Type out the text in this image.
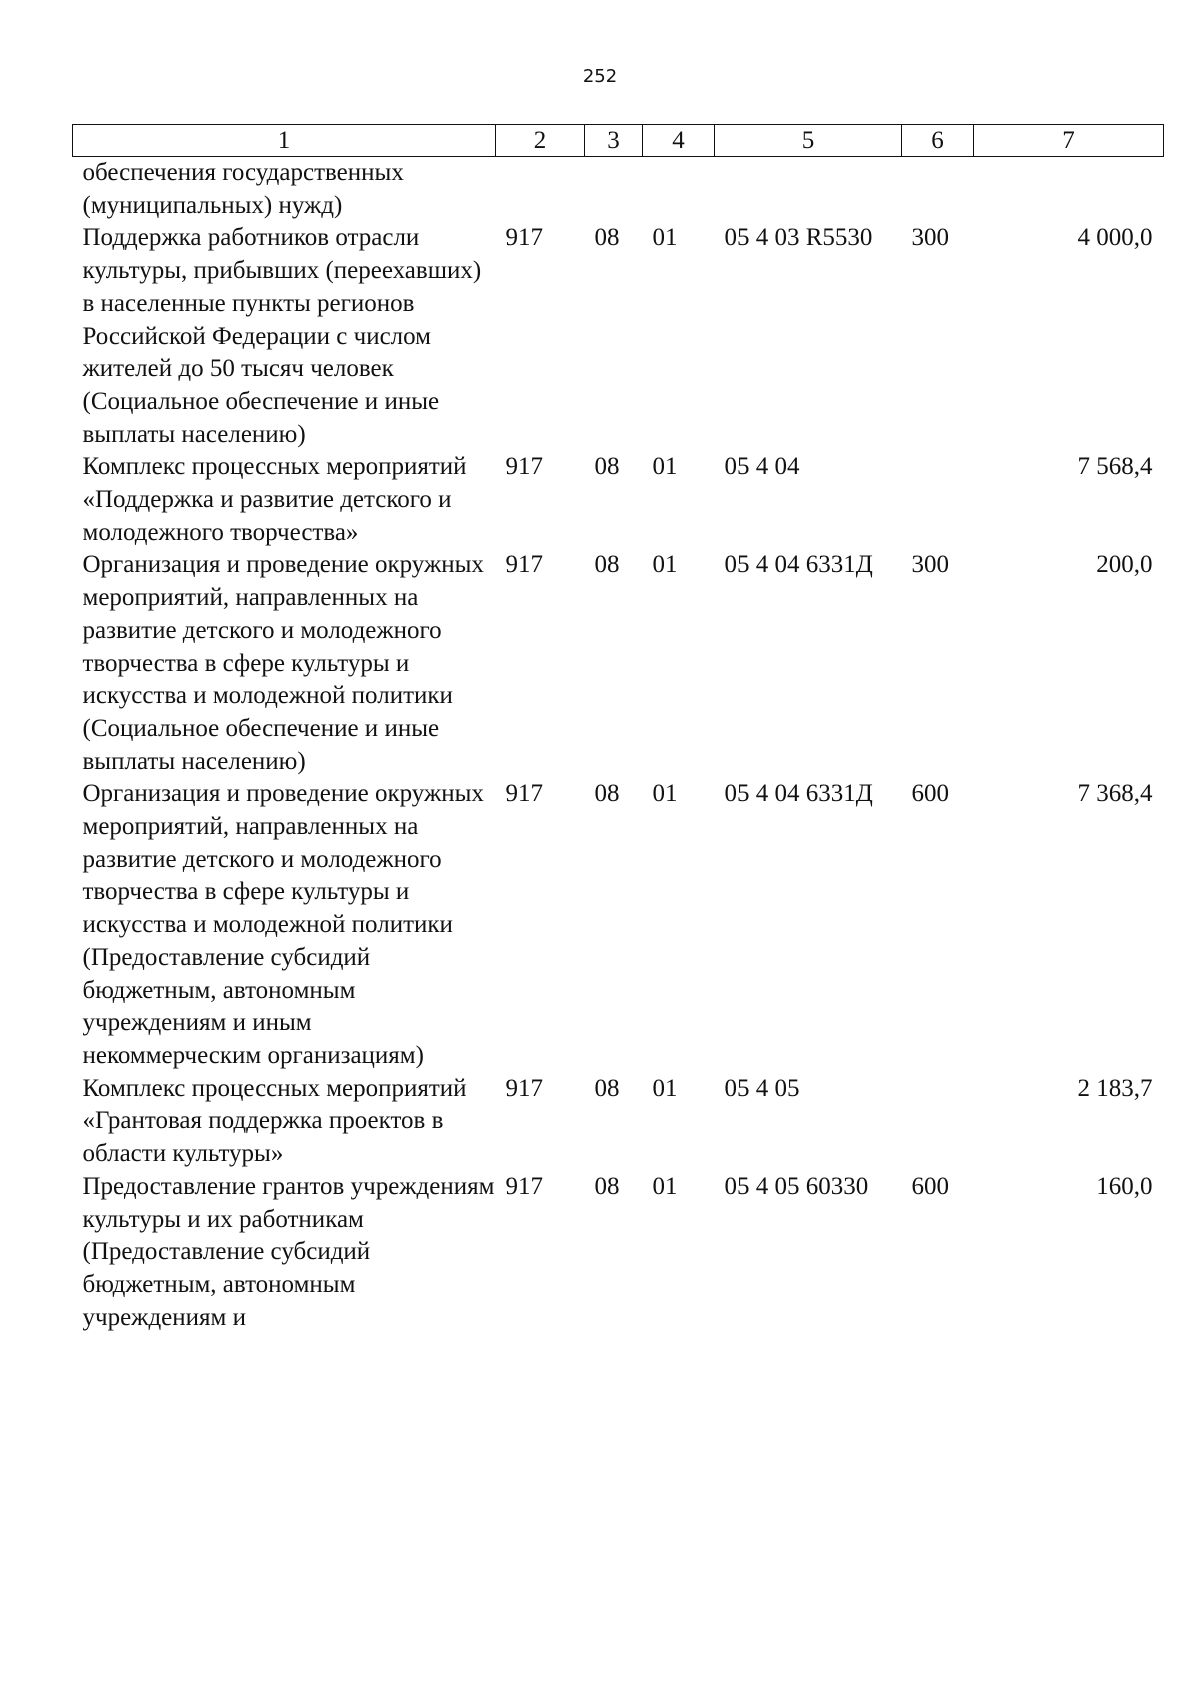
252
1	2	3	4	5	6	7
обеспечения государственных (муниципальных) нужд)						
Поддержка работников отрасли культуры, прибывших (переехавших) в населенные пункты регионов Российской Федерации с числом жителей до 50 тысяч человек (Социальное обеспечение и иные выплаты населению)	917	08	01	05 4 03 R5530	300	4 000,0
Комплекс процессных мероприятий «Поддержка и развитие детского и молодежного творчества»	917	08	01	05 4 04		7 568,4
Организация и проведение окружных мероприятий, направленных на развитие детского и молодежного творчества в сфере культуры и искусства и молодежной политики (Социальное обеспечение и иные выплаты населению)	917	08	01	05 4 04 6331Д	300	200,0
Организация и проведение окружных мероприятий, направленных на развитие детского и молодежного творчества в сфере культуры и искусства и молодежной политики (Предоставление субсидий бюджетным, автономным учреждениям и иным некоммерческим организациям)	917	08	01	05 4 04 6331Д	600	7 368,4
Комплекс процессных мероприятий «Грантовая поддержка проектов в области культуры»	917	08	01	05 4 05		2 183,7
Предоставление грантов учреждениям культуры и их работникам (Предоставление субсидий бюджетным, автономным учреждениям и	917	08	01	05 4 05 60330	600	160,0
